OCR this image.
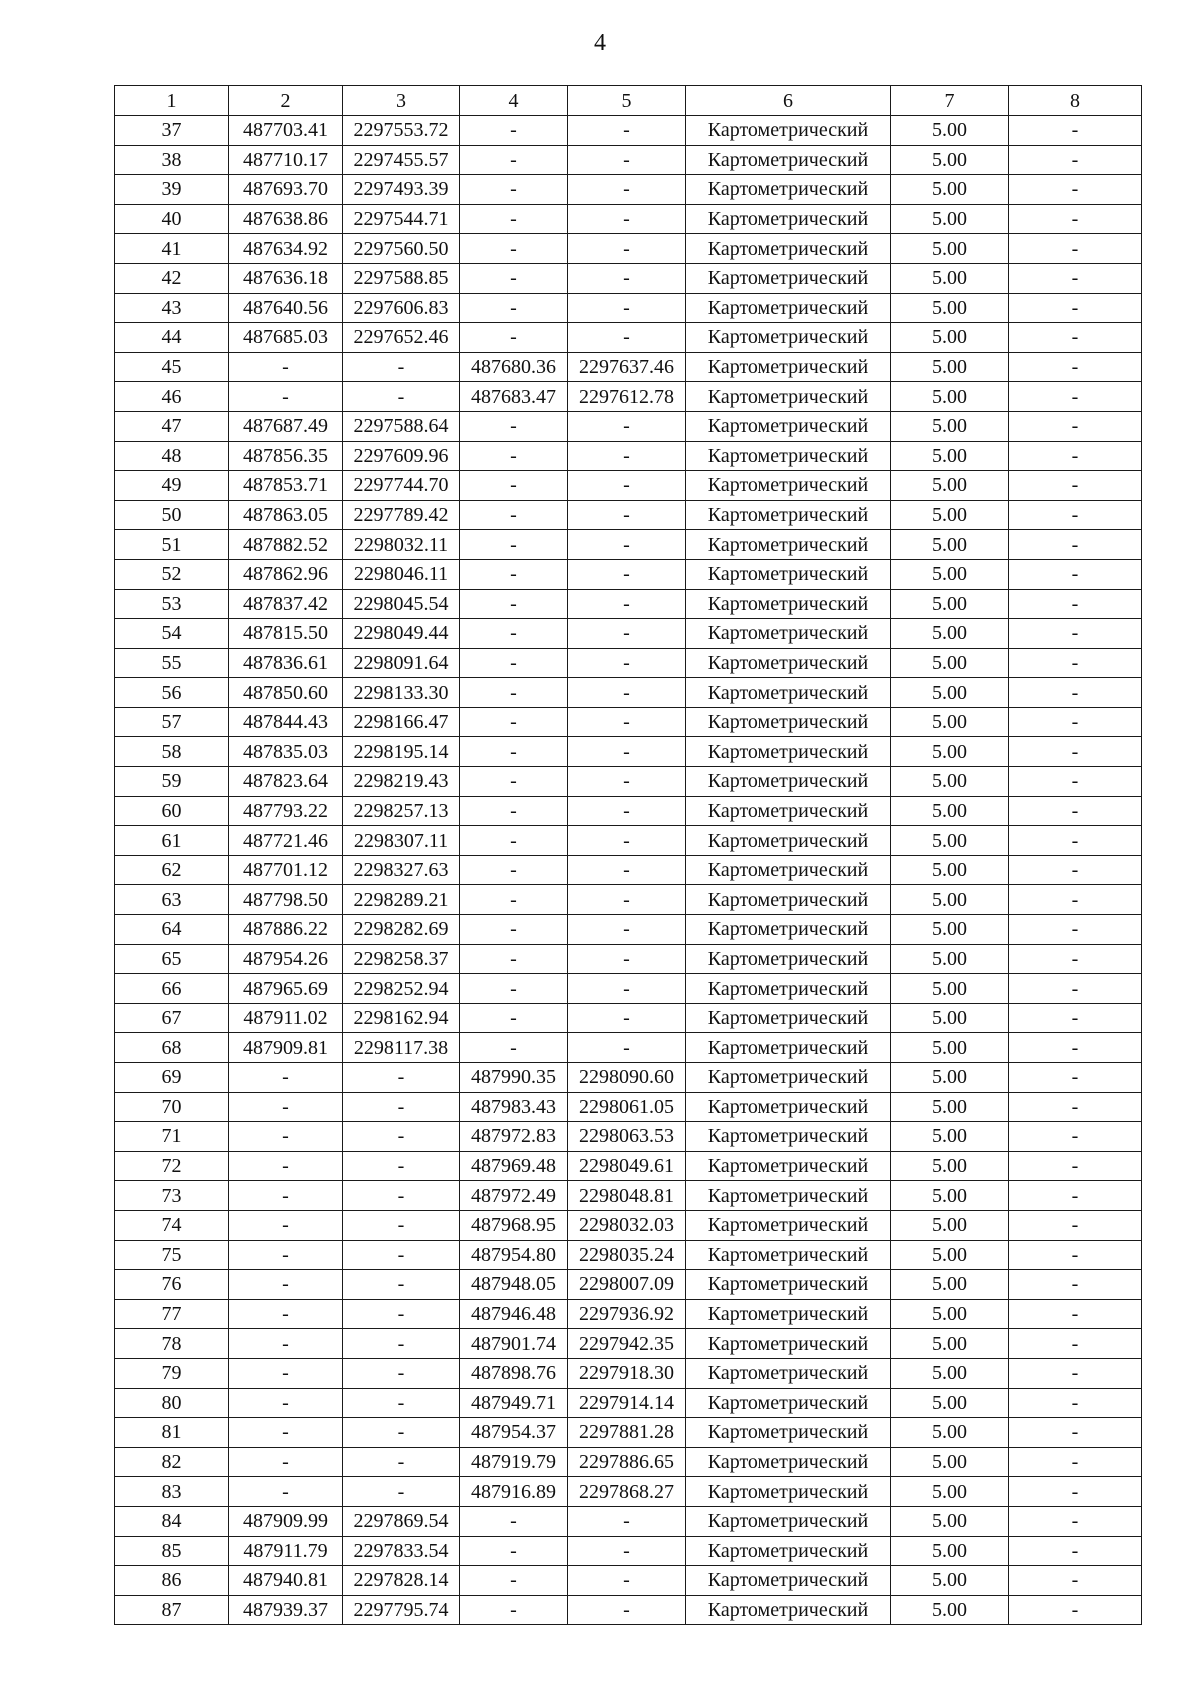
4
1	2	3	4	5	6	7	8
37	487703.41	2297553.72	-	-	Картометрический	5.00	-
38	487710.17	2297455.57	-	-	Картометрический	5.00	-
39	487693.70	2297493.39	-	-	Картометрический	5.00	-
40	487638.86	2297544.71	-	-	Картометрический	5.00	-
41	487634.92	2297560.50	-	-	Картометрический	5.00	-
42	487636.18	2297588.85	-	-	Картометрический	5.00	-
43	487640.56	2297606.83	-	-	Картометрический	5.00	-
44	487685.03	2297652.46	-	-	Картометрический	5.00	-
45	-	-	487680.36	2297637.46	Картометрический	5.00	-
46	-	-	487683.47	2297612.78	Картометрический	5.00	-
47	487687.49	2297588.64	-	-	Картометрический	5.00	-
48	487856.35	2297609.96	-	-	Картометрический	5.00	-
49	487853.71	2297744.70	-	-	Картометрический	5.00	-
50	487863.05	2297789.42	-	-	Картометрический	5.00	-
51	487882.52	2298032.11	-	-	Картометрический	5.00	-
52	487862.96	2298046.11	-	-	Картометрический	5.00	-
53	487837.42	2298045.54	-	-	Картометрический	5.00	-
54	487815.50	2298049.44	-	-	Картометрический	5.00	-
55	487836.61	2298091.64	-	-	Картометрический	5.00	-
56	487850.60	2298133.30	-	-	Картометрический	5.00	-
57	487844.43	2298166.47	-	-	Картометрический	5.00	-
58	487835.03	2298195.14	-	-	Картометрический	5.00	-
59	487823.64	2298219.43	-	-	Картометрический	5.00	-
60	487793.22	2298257.13	-	-	Картометрический	5.00	-
61	487721.46	2298307.11	-	-	Картометрический	5.00	-
62	487701.12	2298327.63	-	-	Картометрический	5.00	-
63	487798.50	2298289.21	-	-	Картометрический	5.00	-
64	487886.22	2298282.69	-	-	Картометрический	5.00	-
65	487954.26	2298258.37	-	-	Картометрический	5.00	-
66	487965.69	2298252.94	-	-	Картометрический	5.00	-
67	487911.02	2298162.94	-	-	Картометрический	5.00	-
68	487909.81	2298117.38	-	-	Картометрический	5.00	-
69	-	-	487990.35	2298090.60	Картометрический	5.00	-
70	-	-	487983.43	2298061.05	Картометрический	5.00	-
71	-	-	487972.83	2298063.53	Картометрический	5.00	-
72	-	-	487969.48	2298049.61	Картометрический	5.00	-
73	-	-	487972.49	2298048.81	Картометрический	5.00	-
74	-	-	487968.95	2298032.03	Картометрический	5.00	-
75	-	-	487954.80	2298035.24	Картометрический	5.00	-
76	-	-	487948.05	2298007.09	Картометрический	5.00	-
77	-	-	487946.48	2297936.92	Картометрический	5.00	-
78	-	-	487901.74	2297942.35	Картометрический	5.00	-
79	-	-	487898.76	2297918.30	Картометрический	5.00	-
80	-	-	487949.71	2297914.14	Картометрический	5.00	-
81	-	-	487954.37	2297881.28	Картометрический	5.00	-
82	-	-	487919.79	2297886.65	Картометрический	5.00	-
83	-	-	487916.89	2297868.27	Картометрический	5.00	-
84	487909.99	2297869.54	-	-	Картометрический	5.00	-
85	487911.79	2297833.54	-	-	Картометрический	5.00	-
86	487940.81	2297828.14	-	-	Картометрический	5.00	-
87	487939.37	2297795.74	-	-	Картометрический	5.00	-
